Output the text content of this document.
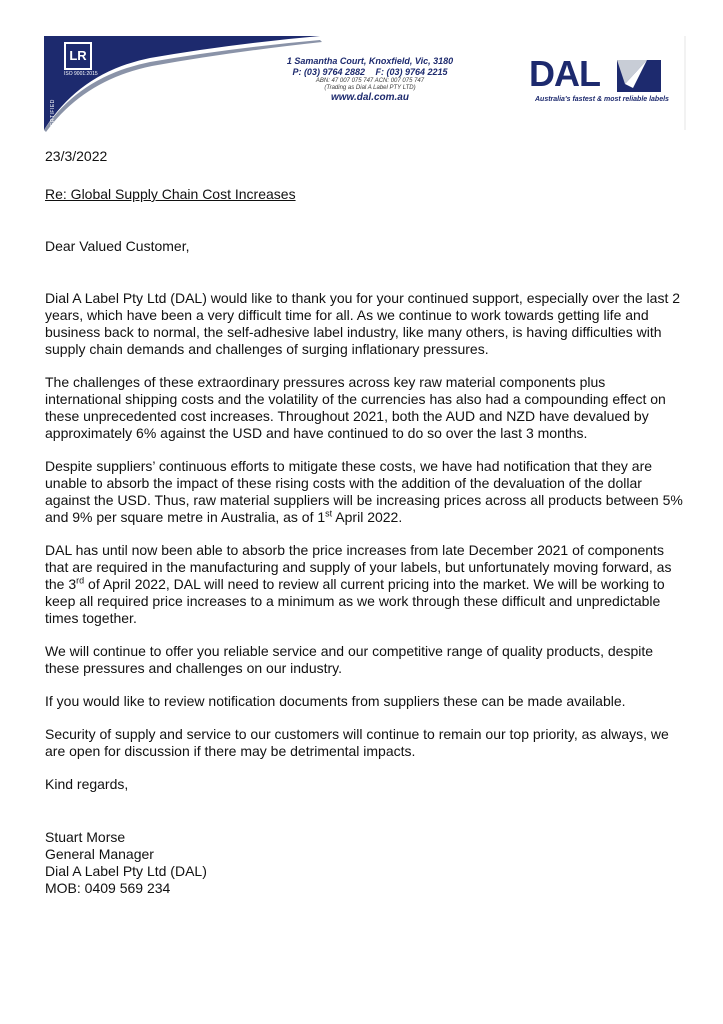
CERTIFIED
LR
ISO 9001:2015
1 Samantha Court, Knoxfield, Vic, 3180
P: (03) 9764 2882 F: (03) 9764 2215
ABN: 47 007 075 747 ACN: 007 075 747
(Trading as Dial A Label PTY LTD)
www.dal.com.au
DAL
Australia's fastest & most reliable labels

23/3/2022

Re: Global Supply Chain Cost Increases

Dear Valued Customer,

Dial A Label Pty Ltd (DAL) would like to thank you for your continued support, especially over the last 2 years, which have been a very difficult time for all. As we continue to work towards getting life and business back to normal, the self-adhesive label industry, like many others, is having difficulties with supply chain demands and challenges of surging inflationary pressures.

The challenges of these extraordinary pressures across key raw material components plus international shipping costs and the volatility of the currencies has also had a compounding effect on these unprecedented cost increases. Throughout 2021, both the AUD and NZD have devalued by approximately 6% against the USD and have continued to do so over the last 3 months.

Despite suppliers’ continuous efforts to mitigate these costs, we have had notification that they are unable to absorb the impact of these rising costs with the addition of the devaluation of the dollar against the USD. Thus, raw material suppliers will be increasing prices across all products between 5% and 9% per square metre in Australia, as of 1st April 2022.

DAL has until now been able to absorb the price increases from late December 2021 of components that are required in the manufacturing and supply of your labels, but unfortunately moving forward, as the 3rd of April 2022, DAL will need to review all current pricing into the market. We will be working to keep all required price increases to a minimum as we work through these difficult and unpredictable times together.

We will continue to offer you reliable service and our competitive range of quality products, despite these pressures and challenges on our industry.

If you would like to review notification documents from suppliers these can be made available.

Security of supply and service to our customers will continue to remain our top priority, as always, we are open for discussion if there may be detrimental impacts.

Kind regards,

Stuart Morse

General Manager

Dial A Label Pty Ltd (DAL)

MOB: 0409 569 234
